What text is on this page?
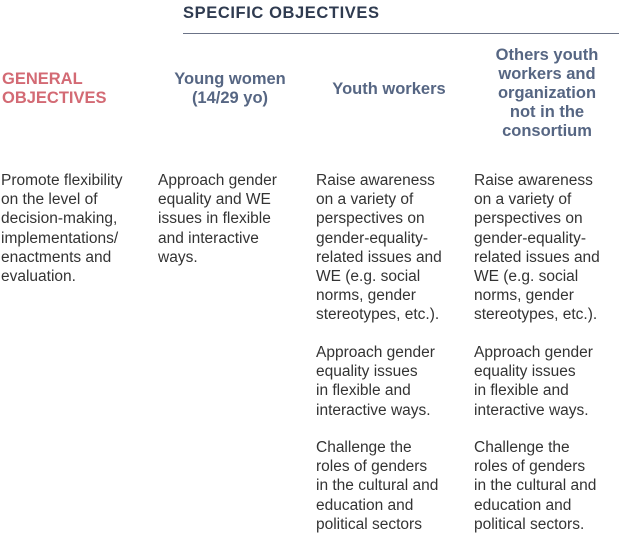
SPECIFIC OBJECTIVES
GENERAL
OBJECTIVES
Young women
(14/29 yo)	Youth workers
Others youth
workers and
organization
not in the
consortium
Promote flexibility
on the level of
decision-making,
implementations/
enactments and
evaluation.
Approach gender
equality and WE
issues in flexible
and interactive
ways.
Raise awareness
on a variety of
perspectives on
gender-equality-
related issues and
WE (e.g. social
norms, gender
stereotypes, etc.).
Approach gender
equality issues
in flexible and
interactive ways.
Challenge the
roles of genders
in the cultural and
education and
political sectors
Raise awareness
on a variety of
perspectives on
gender-equality-
related issues and
WE (e.g. social
norms, gender
stereotypes, etc.).
Approach gender
equality issues
in flexible and
interactive ways.
Challenge the
roles of genders
in the cultural and
education and
political sectors.
